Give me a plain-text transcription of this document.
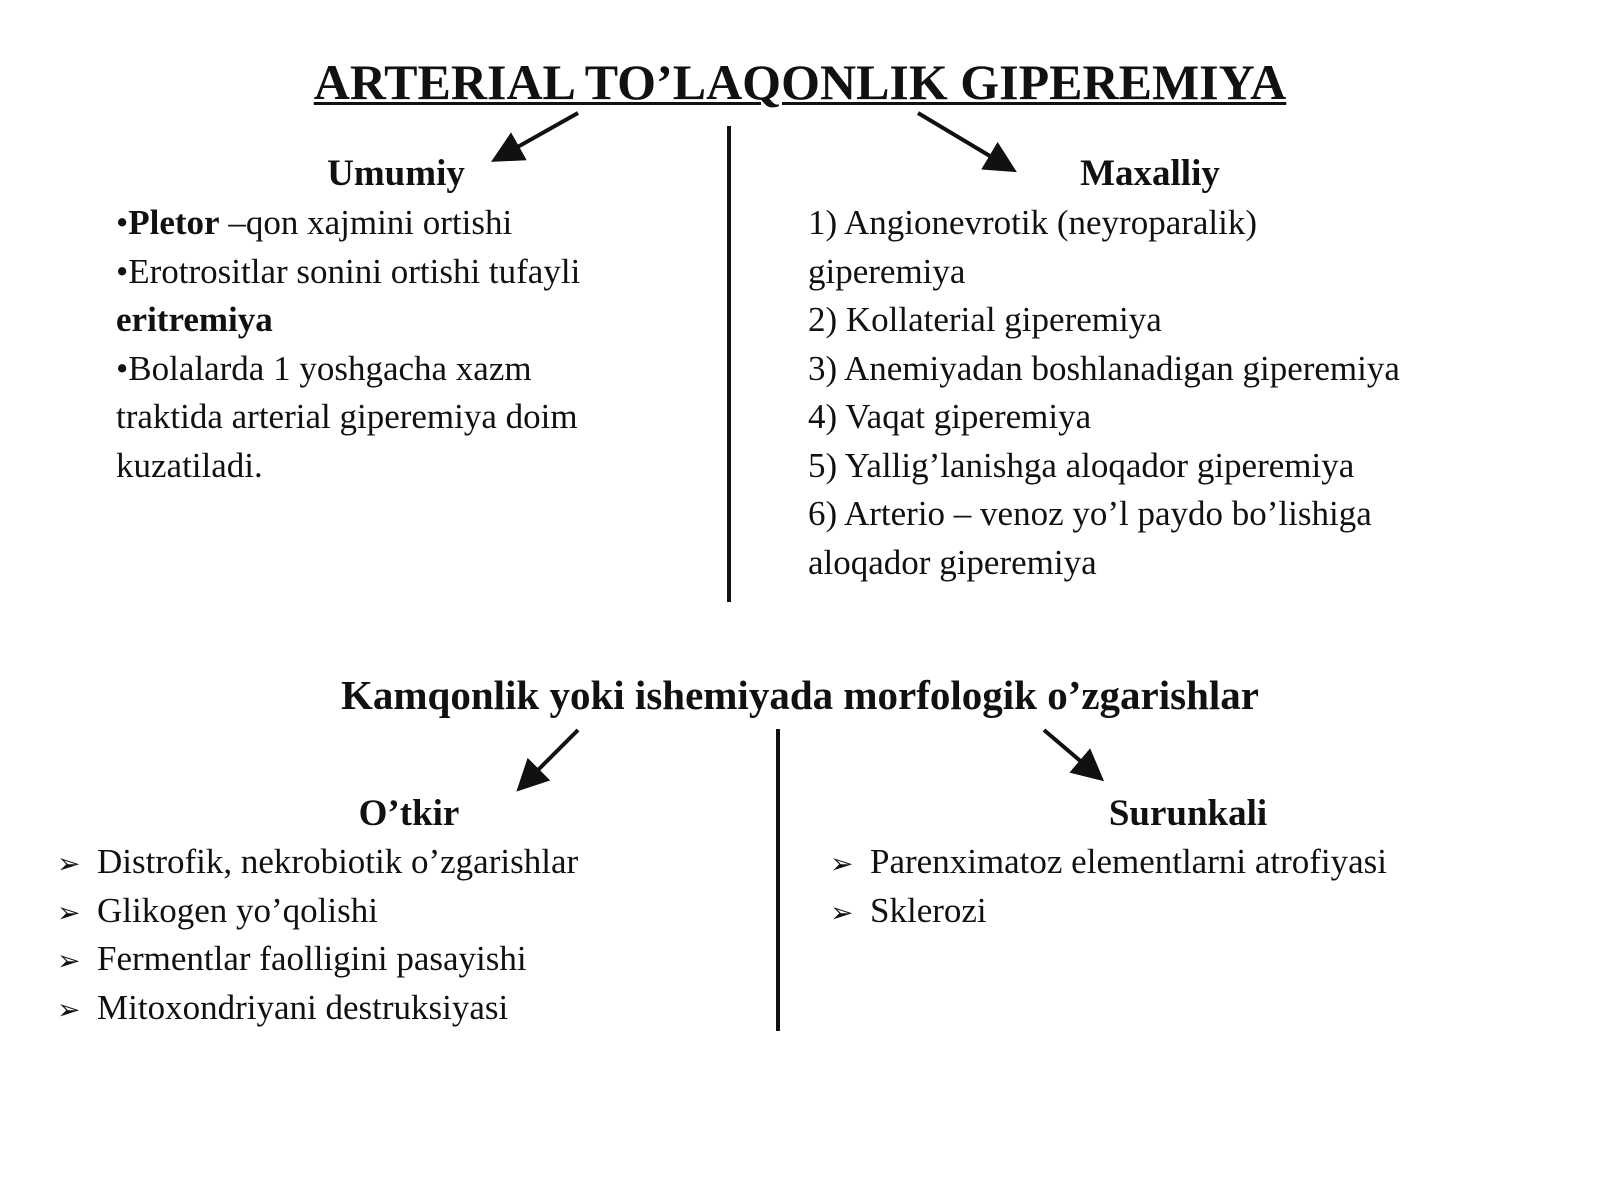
ARTERIAL TO’LAQONLIK GIPEREMIYA
Umumiy
•Pletor –qon xajmini ortishi
•Erotrositlar sonini ortishi tufayli
eritremiya
•Bolalarda 1 yoshgacha xazm
traktida arterial giperemiya doim
kuzatiladi.
Maxalliy
1) Angionevrotik (neyroparalik)
giperemiya
2) Kollaterial giperemiya
3) Anemiyadan boshlanadigan giperemiya
4) Vaqat giperemiya
5) Yallig’lanishga aloqador giperemiya
6) Arterio – venoz yo’l paydo bo’lishiga
aloqador giperemiya
Kamqonlik yoki ishemiyada morfologik o’zgarishlar
O’tkir
➢ Distrofik, nekrobiotik o’zgarishlar
➢ Glikogen yo’qolishi
➢ Fermentlar faolligini pasayishi
➢ Mitoxondriyani destruksiyasi
Surunkali
➢ Parenximatoz elementlarni atrofiyasi
➢ Sklerozi
